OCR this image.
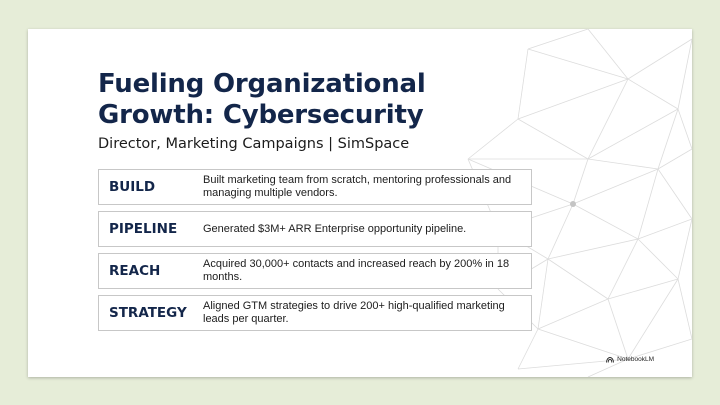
Fueling Organizational
Growth: Cybersecurity

Director, Marketing Campaigns | SimSpace

BUILD	Built marketing team from scratch, mentoring professionals and managing multiple vendors.
PIPELINE Generated $3M+ ARR Enterprise opportunity pipeline.
REACH	Acquired 30,000+ contacts and increased reach by 200% in 18 months.
STRATEGY Aligned GTM strategies to drive 200+ high-qualified marketing leads per quarter.
NotebookLM
